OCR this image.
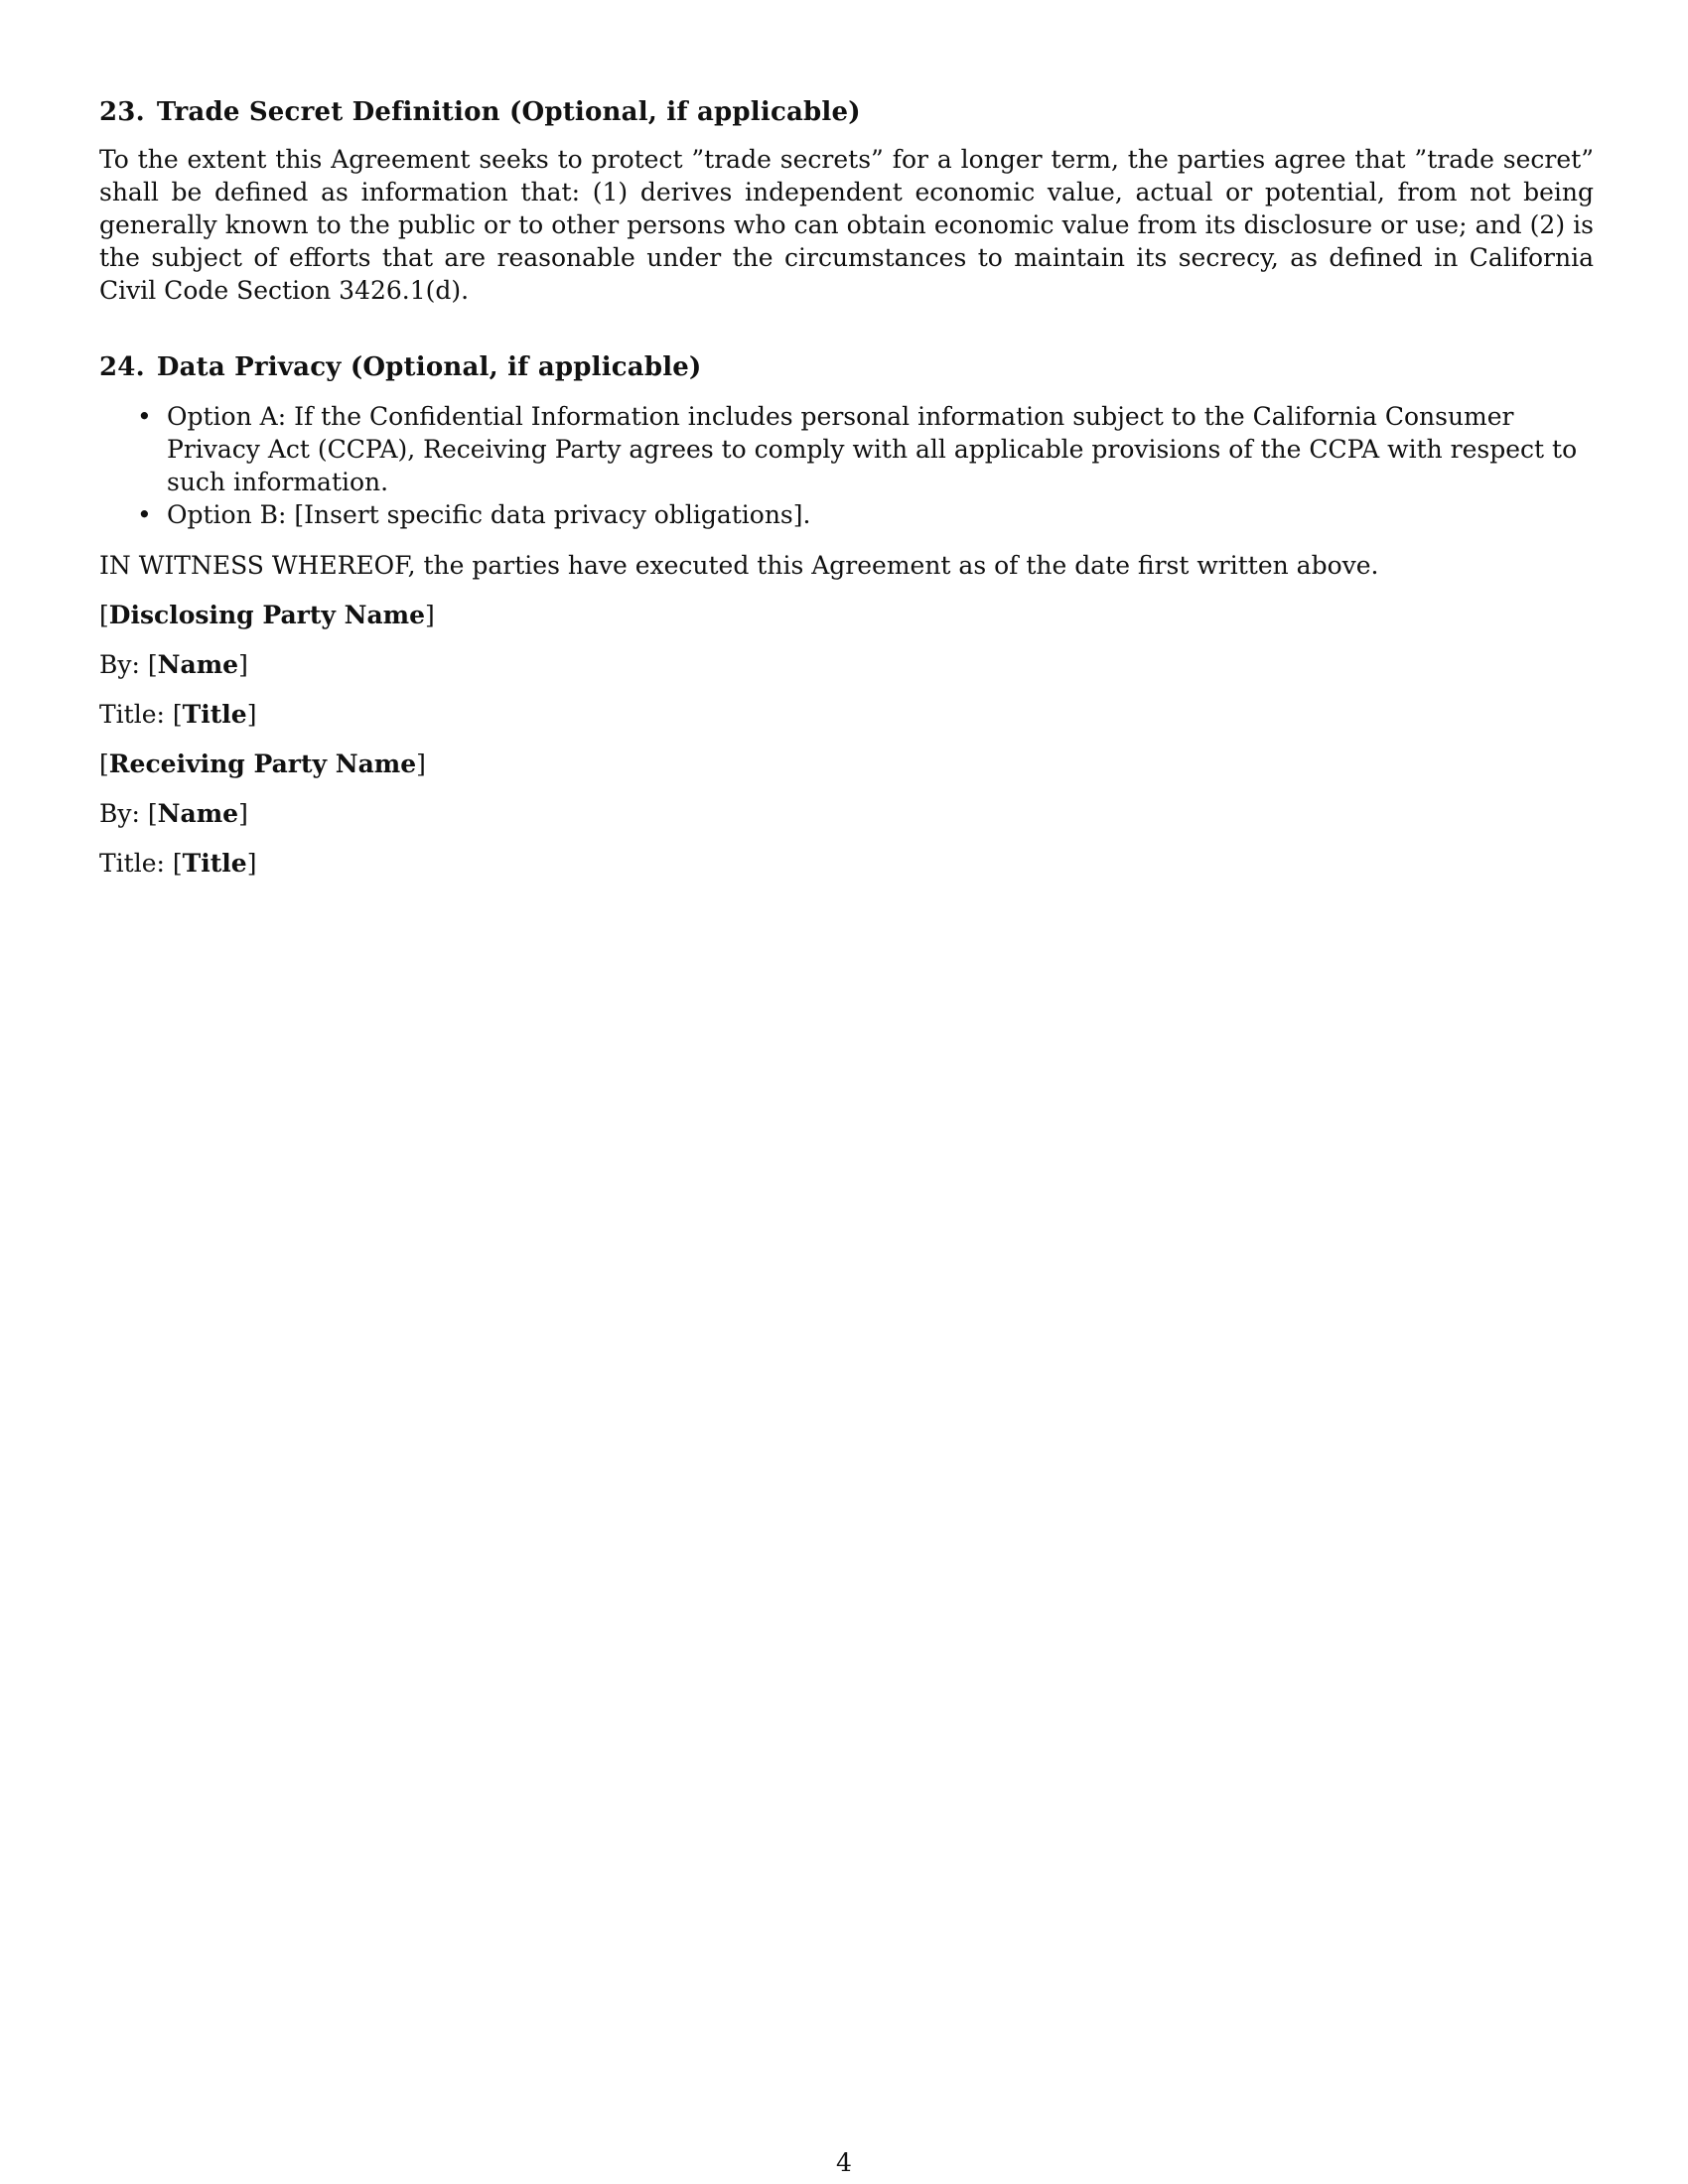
23. Trade Secret Definition (Optional, if applicable)

To the extent this Agreement seeks to protect ”trade secrets” for a longer term, the parties agree that ”trade secret” shall be defined as information that: (1) derives independent economic value, actual or potential, from not being generally known to the public or to other persons who can obtain economic value from its disclosure or use; and (2) is the subject of efforts that are reasonable under the circumstances to maintain its secrecy, as defined in California Civil Code Section 3426.1(d).

24. Data Privacy (Optional, if applicable)
• Option A: If the Confidential Information includes personal information subject to the California Consumer Privacy Act (CCPA), Receiving Party agrees to comply with all applicable provisions of the CCPA with respect to such information.
• Option B: [Insert specific data privacy obligations].

IN WITNESS WHEREOF, the parties have executed this Agreement as of the date first written above.

[Disclosing Party Name]

By: [Name]

Title: [Title]

[Receiving Party Name]

By: [Name]

Title: [Title]

4
